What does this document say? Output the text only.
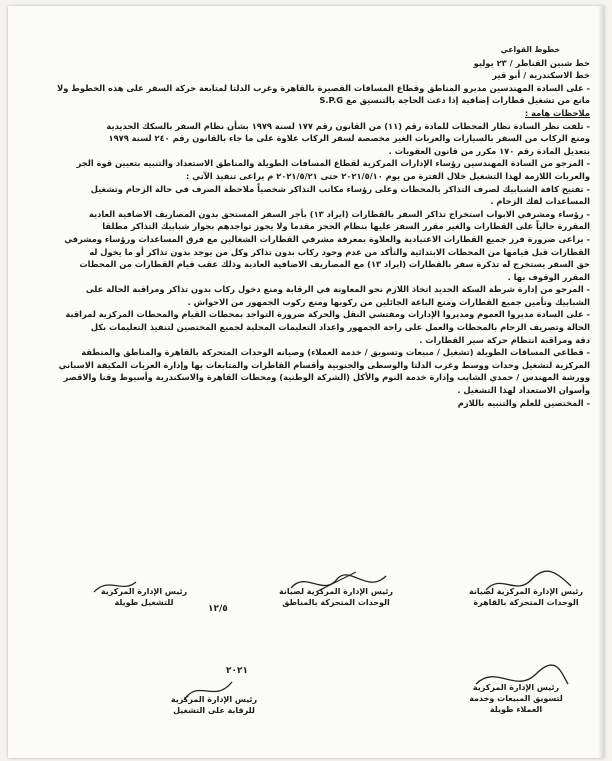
خطوط القواعي
خط شبين القناطر / ٢٣ يوليو
خط الاسكندرية / أبو قير
- على السادة المهندسين مديرو المناطق وقطاع المسافات القصيرة بالقاهرة وغرب الدلتا لمتابعة حركة السفر على هذه الخطوط ولا
مانع من تشغيل قطارات إضافية إذا دعت الحاجة بالتنسيق مع S.P.G
ملاحظات هامة :
- تلفت نظر السادة نظار المحطات للمادة رقم (١١) من القانون رقم ١٧٧ لسنة ١٩٧٩ بشأن نظام السفر بالسكك الحديدية
ومنع الركاب من السفر بالسيارات والعربات الغير مخصصة لسفر الركاب علاوة على ما جاء بالقانون رقم ٢٤٠ لسنة ١٩٧٩
بتعديل المادة رقم ١٧٠ مكرر من قانون العقوبات .
- المرجو من السادة المهندسين رؤساء الإدارات المركزية لقطاع المسافات الطويلة والمناطق الاستعداد والتنبيه بتعيين قوة الجر
والعربات اللازمة لهذا التشغيل خلال الفترة من يوم ٢٠٢١/٥/١٠ حتى ٢٠٢١/٥/٢١ م يراعى تنفيذ الآتي :
- تفتيح كافة الشبابيك لصرف التذاكر بالمحطات وعلى رؤساء مكاتب التذاكر شخصياً ملاحظة الصرف في حالة الزحام وتشغيل
المساعدات لفك الزحام .
- رؤساء ومشرفي الابواب استخراج تذاكر السفر بالقطارات (ايراد ١٣) بأجر السفر المستحق بدون المصاريف الاضافية العادية
المقررة حالياً على القطارات والغير مقرر السفر عليها بنظام الحجز مقدما ولا يجوز تواجدهم بجوار شبابيك التذاكر مطلقا
- يراعى ضرورة فرز جميع القطارات الاعتيادية والعلاوة بمعرفة مشرفي القطارات الشغالين مع فرق المساعدات ورؤساء ومشرفي
القطارات قبل قيامها من المحطات الابتدائية والتأكد من عدم وجود ركاب بدون تذاكر وكل من يوجد بدون تذاكر أو ما يخول له
حق السفر يستخرج له تذكرة سفر بالقطارات (ايراد ١٣) مع المصاريف الاضافية العادية وذلك عقب قيام القطارات من المحطات
المقرر الوقوف بها .
- المرجو من إدارة شرطة السكة الحديد اتخاذ اللازم نحو المعاونة في الرقابة ومنع دخول ركاب بدون تذاكر ومراقبة الحالة على
الشبابيك وتأمين جميع القطارات ومنع الباعة الجائلين من ركوبها ومنع ركوب الجمهور من الاحواش .
- على السادة مديروا العموم ومديروا الإدارات ومفتشي النقل والحركة ضرورة التواجد بمحطات القيام والمحطات المركزية لمراقبة
الحالة وتصريف الزحام بالمحطات والعمل على راحة الجمهور واعداد التعليمات المحلية لجميع المختصين لتنفيذ التعليمات بكل
دقة ومراقبة انتظام حركة سير القطارات .
- قطاعي المسافات الطويلة (تشغيل / مبيعات وتسويق / خدمة العملاء) وصيانه الوحدات المتحركة بالقاهرة والمناطق والمنطقة
المركزية لتشغيل وحدات ووسط وغرب الدلتا والوسطى والجنوبية وأقسام القاطرات والمتابعات بها وإدارة العربات المكيفة الاسباني
وورشة المهندس / حمدي الشايب وإدارة خدمة النوم والأكل (الشركة الوطنية) ومحطات القاهرة والاسكندرية وأسيوط وقنا والاقصر
وأسوان الاستعداد لهذا التشغيل .
- المختصين للعلم والتنبيه باللازم
رئيس الإدارة المركزية لصيانة
الوحدات المتحركة بالقاهرة
رئيس الإدارة المركزية لصيانة
الوحدات المتحركة بالمناطق
رئيس الإدارة المركزية
للتشغيل طويلة
١٢/٥
رئيس الإدارة المركزية
لتسويق المبيعات وخدمة
العملاء طويلة
رئيس الإدارة المركزية
للرقابة على التشغيل
٢٠٢١
